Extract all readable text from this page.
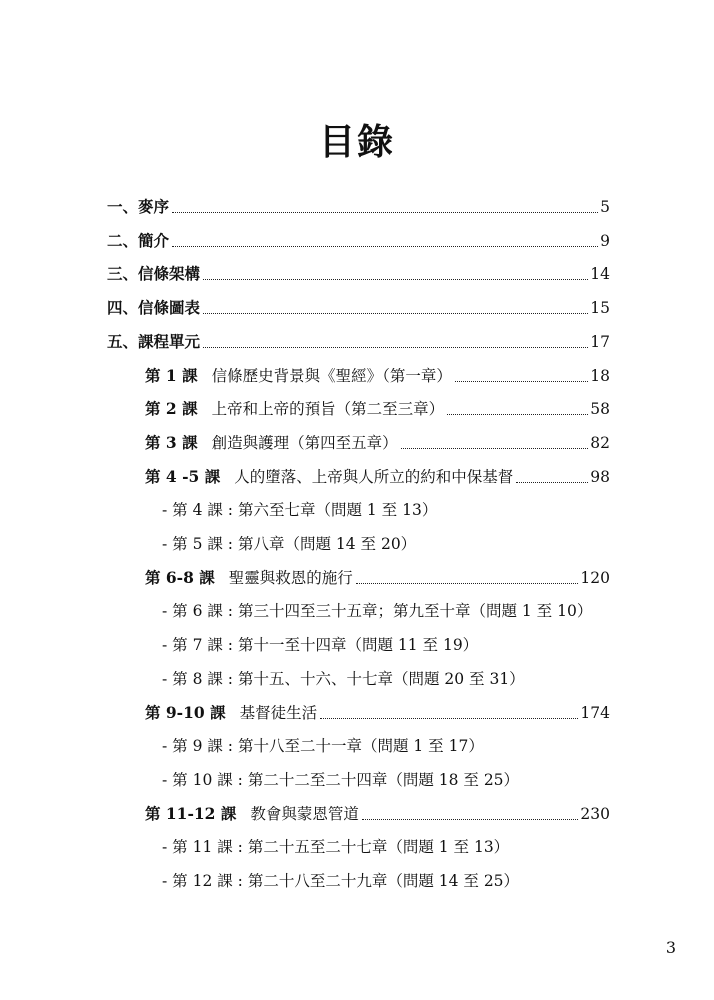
目錄
一、麥序	5
二、簡介	9
三、信條架構	14
四、信條圖表	15
五、課程單元	17
第 1 課 信條歷史背景與《聖經》（第一章）	18
第 2 課 上帝和上帝的預旨（第二至三章）	58
第 3 課 創造與護理（第四至五章）	82
第 4 -5 課 人的墮落、上帝與人所立的約和中保基督	98
- 第 4 課 : 第六至七章（問題 1 至 13）
- 第 5 課 : 第八章（問題 14 至 20）
第 6-8 課 聖靈與救恩的施行	120
- 第 6 課 : 第三十四至三十五章；第九至十章（問題 1 至 10）
- 第 7 課 : 第十一至十四章（問題 11 至 19）
- 第 8 課 : 第十五、十六、十七章（問題 20 至 31）
第 9-10 課 基督徒生活	174
- 第 9 課 : 第十八至二十一章（問題 1 至 17）
- 第 10 課 : 第二十二至二十四章（問題 18 至 25）
第 11-12 課 教會與蒙恩管道	230
- 第 11 課 : 第二十五至二十七章（問題 1 至 13）
- 第 12 課 : 第二十八至二十九章（問題 14 至 25）
3
